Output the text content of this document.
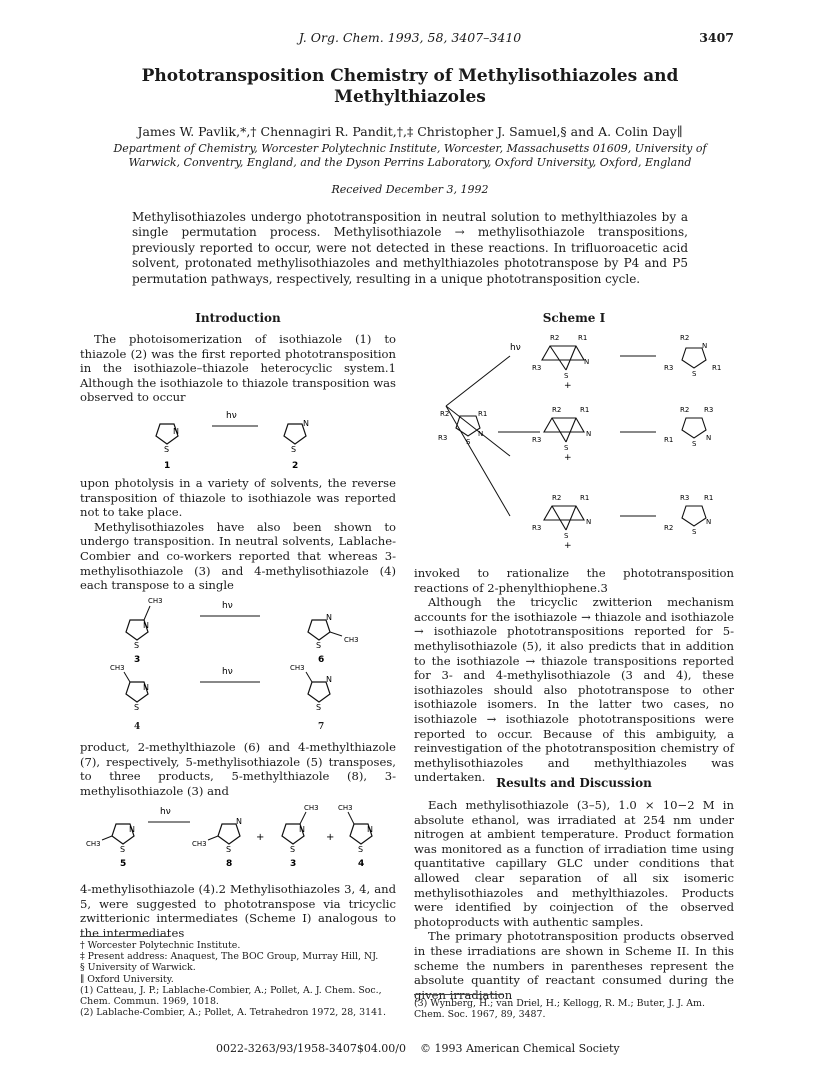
J. Org. Chem. 1993, 58, 3407–3410	3407
Phototransposition Chemistry of Methylisothiazoles and Methylthiazoles
James W. Pavlik,*,† Chennagiri R. Pandit,†,‡ Christopher J. Samuel,§ and A. Colin Day∥
Department of Chemistry, Worcester Polytechnic Institute, Worcester, Massachusetts 01609, University of Warwick, Conventry, England, and the Dyson Perrins Laboratory, Oxford University, Oxford, England
Received December 3, 1992
Methylisothiazoles undergo phototransposition in neutral solution to methylthiazoles by a single permutation process. Methylisothiazole → methylisothiazole transpositions, previously reported to occur, were not detected in these reactions. In trifluoroacetic acid solvent, protonated methylisothiazoles and methylthiazoles phototranspose by P4 and P5 permutation pathways, respectively, resulting in a unique phototransposition cycle.
Introduction

The photoisomerization of isothiazole (1) to thiazole (2) was the first reported phototransposition in the isothiazole–thiazole heterocyclic system.1 Although the isothiazole to thiazole transposition was observed to occur

N
S
1
hν
N
S
2

upon photolysis in a variety of solvents, the reverse transposition of thiazole to isothiazole was reported not to take place.

Methylisothiazoles have also been shown to undergo transposition. In neutral solvents, Lablache-Combier and co-workers reported that whereas 3-methylisothiazole (3) and 4-methylisothiazole (4) each transpose to a single

CH3
N
S
3
hν
N
S
CH3
6
CH3
N
S
hν	CH3
N
S
4	7

product, 2-methylthiazole (6) and 4-methylthiazole (7), respectively, 5-methylisothiazole (5) transposes, to three products, 5-methylthiazole (8), 3-methylisothiazole (3) and

CH3
N
S
5
hν
CH3
N
S
8
+
CH3
N
S
3
+
CH3
N
S
4

4-methylisothiazole (4).2 Methylisothiazoles 3, 4, and 5, were suggested to phototranspose via tricyclic zwitterionic intermediates (Scheme I) analogous to the intermediates

† Worcester Polytechnic Institute.
‡ Present address: Anaquest, The BOC Group, Murray Hill, NJ.
§ University of Warwick.
∥ Oxford University.
(1) Catteau, J. P.; Lablache-Combier, A.; Pollet, A. J. Chem. Soc., Chem. Commun. 1969, 1018.
(2) Lablache-Combier, A.; Pollet, A. Tetrahedron 1972, 28, 3141.
Scheme I
hν
R2	R1
R3
N
S
+
R2
N
R3
S
R1
R2	R1
R3	N
S
R2	R1
R3
N
S
+
R2 R3
R1	S
N
R2	R1
R3
N
S
+
R3 R1
R2	S
N

invoked to rationalize the phototransposition reactions of 2-phenylthiophene.3

Although the tricyclic zwitterion mechanism accounts for the isothiazole → thiazole and isothiazole → isothiazole phototranspositions reported for 5-methylisothiazole (5), it also predicts that in addition to the isothiazole → thiazole transpositions reported for 3- and 4-methylisothiazole (3 and 4), these isothiazoles should also phototranspose to other isothiazole isomers. In the latter two cases, no isothiazole → isothiazole phototranspositions were reported to occur. Because of this ambiguity, a reinvestigation of the phototransposition chemistry of methylisothiazoles and methylthiazoles was undertaken. Results and Discussion

Each methylisothiazole (3–5), 1.0 × 10−2 M in absolute ethanol, was irradiated at 254 nm under nitrogen at ambient temperature. Product formation was monitored as a function of irradiation time using quantitative capillary GLC under conditions that allowed clear separation of all six isomeric methylisothiazoles and methylthiazoles. Products were identified by coinjection of the observed photoproducts with authentic samples.

The primary phototransposition products observed in these irradiations are shown in Scheme II. In this scheme the numbers in parentheses represent the absolute quantity of reactant consumed during the given irradiation

(3) Wynberg, H.; van Driel, H.; Kellogg, R. M.; Buter, J. J. Am. Chem. Soc. 1967, 89, 3487.
0022-3263/93/1958-3407$04.00/0 © 1993 American Chemical Society
